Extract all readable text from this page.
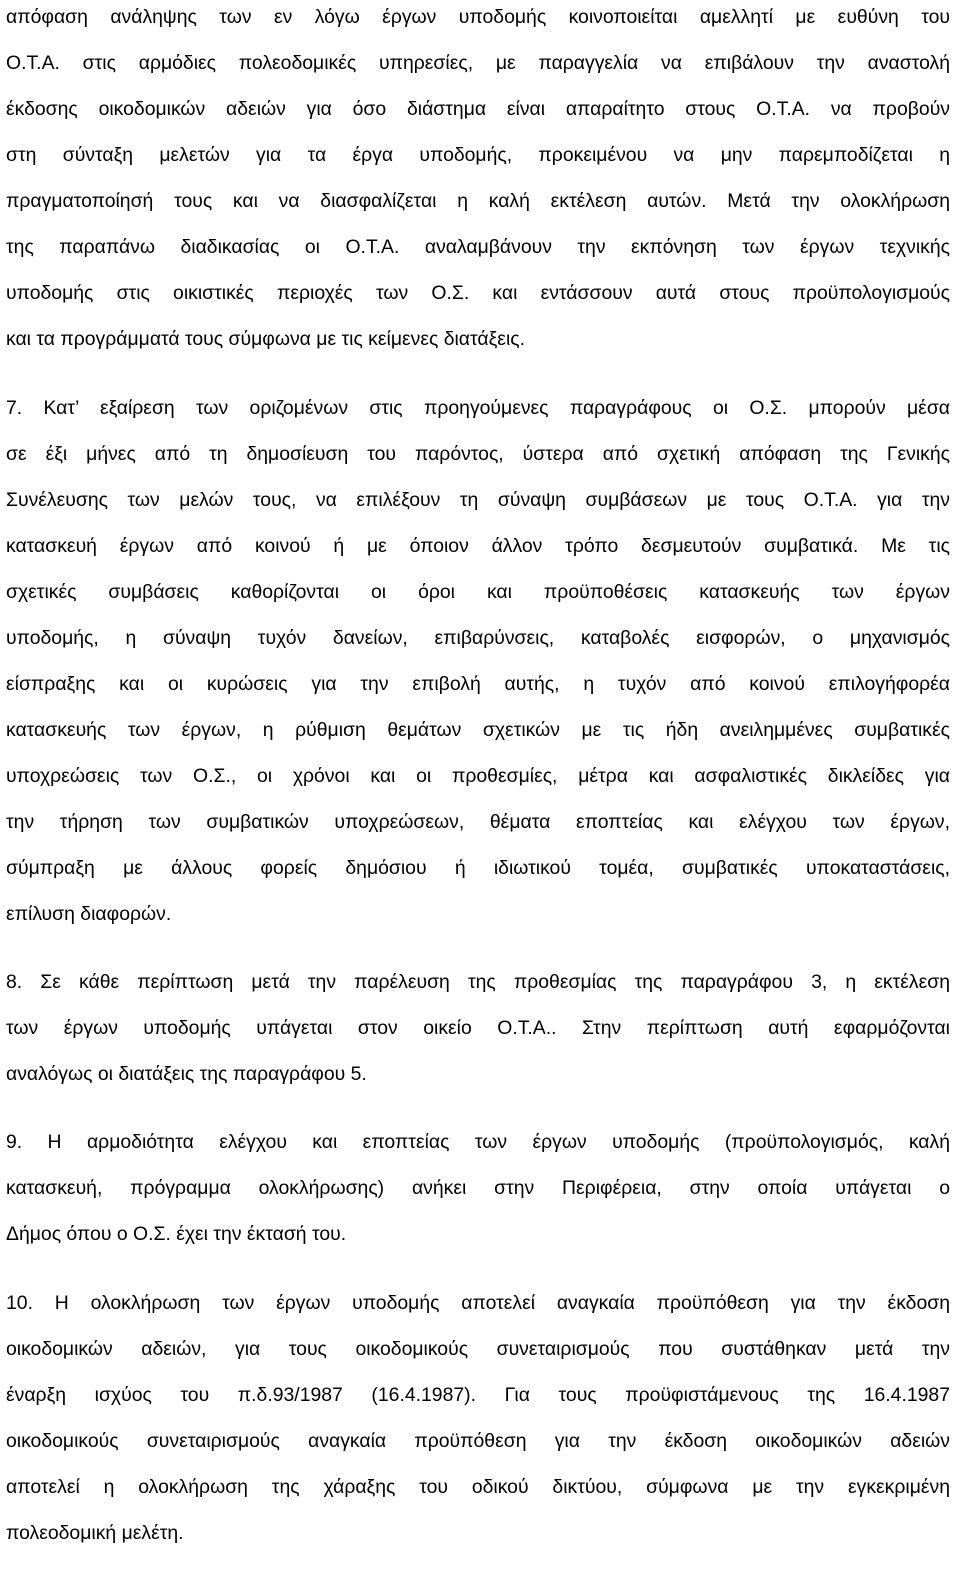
απόφαση ανάληψης των εν λόγω έργων υποδομής κοινοποιείται αμελλητί με ευθύνη του
Ο.Τ.Α. στις αρμόδιες πολεοδομικές υπηρεσίες, με παραγγελία να επιβάλουν την αναστολή
έκδοσης οικοδομικών αδειών για όσο διάστημα είναι απαραίτητο στους Ο.Τ.Α. να προβούν
στη σύνταξη μελετών για τα έργα υποδομής, προκειμένου να μην παρεμποδίζεται η
πραγματοποίησή τους και να διασφαλίζεται η καλή εκτέλεση αυτών. Μετά την ολοκλήρωση
της παραπάνω διαδικασίας οι Ο.Τ.Α. αναλαμβάνουν την εκπόνηση των έργων τεχνικής
υποδομής στις οικιστικές περιοχές των Ο.Σ. και εντάσσουν αυτά στους προϋπολογισμούς
και τα προγράμματά τους σύμφωνα με τις κείμενες διατάξεις.
7. Κατ’ εξαίρεση των οριζομένων στις προηγούμενες παραγράφους οι Ο.Σ. μπορούν μέσα
σε έξι μήνες από τη δημοσίευση του παρόντος, ύστερα από σχετική απόφαση της Γενικής
Συνέλευσης των μελών τους, να επιλέξουν τη σύναψη συμβάσεων με τους Ο.Τ.Α. για την
κατασκευή έργων από κοινού ή με όποιον άλλον τρόπο δεσμευτούν συμβατικά. Με τις
σχετικές συμβάσεις καθορίζονται οι όροι και προϋποθέσεις κατασκευής των έργων
υποδομής, η σύναψη τυχόν δανείων, επιβαρύνσεις, καταβολές εισφορών, ο μηχανισμός
είσπραξης και οι κυρώσεις για την επιβολή αυτής, η τυχόν από κοινού επιλογήφορέα
κατασκευής των έργων, η ρύθμιση θεμάτων σχετικών με τις ήδη ανειλημμένες συμβατικές
υποχρεώσεις των Ο.Σ., οι χρόνοι και οι προθεσμίες, μέτρα και ασφαλιστικές δικλείδες για
την τήρηση των συμβατικών υποχρεώσεων, θέματα εποπτείας και ελέγχου των έργων,
σύμπραξη με άλλους φορείς δημόσιου ή ιδιωτικού τομέα, συμβατικές υποκαταστάσεις,
επίλυση διαφορών.
8. Σε κάθε περίπτωση μετά την παρέλευση της προθεσμίας της παραγράφου 3, η εκτέλεση
των έργων υποδομής υπάγεται στον οικείο Ο.Τ.Α.. Στην περίπτωση αυτή εφαρμόζονται
αναλόγως οι διατάξεις της παραγράφου 5.
9. Η αρμοδιότητα ελέγχου και εποπτείας των έργων υποδομής (προϋπολογισμός, καλή
κατασκευή, πρόγραμμα ολοκλήρωσης) ανήκει στην Περιφέρεια, στην οποία υπάγεται ο
Δήμος όπου ο Ο.Σ. έχει την έκτασή του.
10. Η ολοκλήρωση των έργων υποδομής αποτελεί αναγκαία προϋπόθεση για την έκδοση
οικοδομικών αδειών, για τους οικοδομικούς συνεταιρισμούς που συστάθηκαν μετά την
έναρξη ισχύος του π.δ.93/1987 (16.4.1987). Για τους προϋφιστάμενους της 16.4.1987
οικοδομικούς συνεταιρισμούς αναγκαία προϋπόθεση για την έκδοση οικοδομικών αδειών
αποτελεί η ολοκλήρωση της χάραξης του οδικού δικτύου, σύμφωνα με την εγκεκριμένη
πολεοδομική μελέτη.
